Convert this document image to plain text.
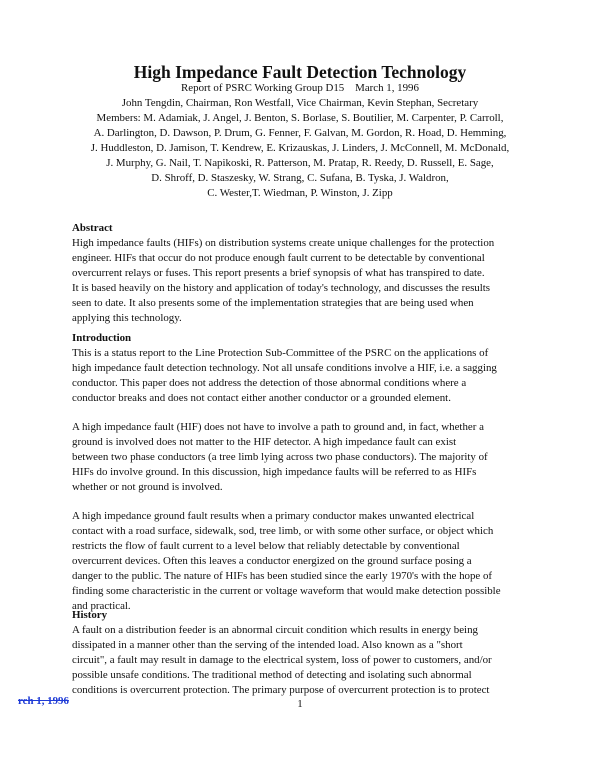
High Impedance Fault Detection Technology
Report of PSRC Working Group D15    March 1, 1996
John Tengdin, Chairman, Ron Westfall, Vice Chairman, Kevin Stephan, Secretary
Members: M. Adamiak, J. Angel, J. Benton, S. Borlase, S. Boutilier, M. Carpenter, P. Carroll,
A. Darlington, D. Dawson, P. Drum, G. Fenner, F. Galvan, M. Gordon, R. Hoad, D. Hemming,
J. Huddleston, D. Jamison, T. Kendrew, E. Krizauskas, J. Linders, J. McConnell, M. McDonald,
J. Murphy, G. Nail, T. Napikoski, R. Patterson, M. Pratap, R. Reedy, D. Russell, E. Sage,
D. Shroff, D. Staszesky, W. Strang, C. Sufana, B. Tyska, J. Waldron,
C. Wester,T. Wiedman, P. Winston, J. Zipp
Abstract
High impedance faults (HIFs) on distribution systems create unique challenges for the protection
engineer. HIFs that occur do not produce enough fault current to be detectable by conventional
overcurrent relays or fuses. This report presents a brief synopsis of what has transpired to date.
It is based heavily on the history and application of today's technology, and discusses the results
seen to date. It also presents some of the implementation strategies that are being used when
applying this technology.
Introduction

This is a status report to the Line Protection Sub-Committee of the PSRC on the applications of
high impedance fault detection technology. Not all unsafe conditions involve a HIF, i.e. a sagging
conductor. This paper does not address the detection of those abnormal conditions where a
conductor breaks and does not contact either another conductor or a grounded element.

A high impedance fault (HIF) does not have to involve a path to ground and, in fact, whether a
ground is involved does not matter to the HIF detector. A high impedance fault can exist
between two phase conductors (a tree limb lying across two phase conductors). The majority of
HIFs do involve ground. In this discussion, high impedance faults will be referred to as HIFs
whether or not ground is involved.

A high impedance ground fault results when a primary conductor makes unwanted electrical
contact with a road surface, sidewalk, sod, tree limb, or with some other surface, or object which
restricts the flow of fault current to a level below that reliably detectable by conventional
overcurrent devices. Often this leaves a conductor energized on the ground surface posing a
danger to the public. The nature of HIFs has been studied since the early 1970's with the hope of
finding some characteristic in the current or voltage waveform that would make detection possible
and practical.

History
A fault on a distribution feeder is an abnormal circuit condition which results in energy being
dissipated in a manner other than the serving of the intended load. Also known as a "short
circuit", a fault may result in damage to the electrical system, loss of power to customers, and/or
possible unsafe conditions. The traditional method of detecting and isolating such abnormal
conditions is overcurrent protection. The primary purpose of overcurrent protection is to protect
rch 1, 1996	1
